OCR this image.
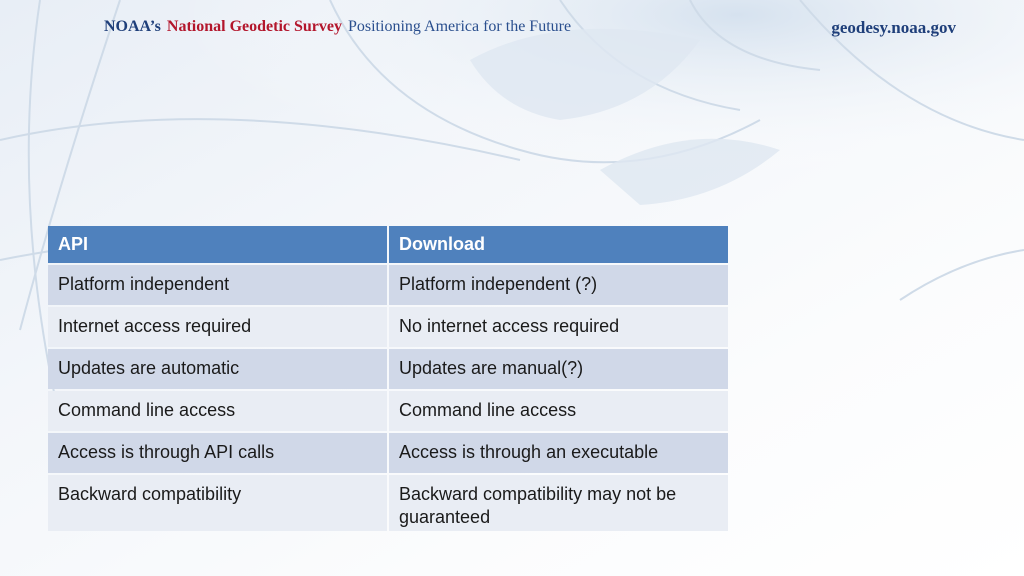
NOAA’s National Geodetic Survey Positioning America for the Future	geodesy.noaa.gov
API	Download
Platform independent	Platform independent (?)
Internet access required	No internet access required
Updates are automatic	Updates are manual(?)
Command line access	Command line access
Access is through API calls	Access is through an executable
Backward compatibility	Backward compatibility may not be guaranteed
